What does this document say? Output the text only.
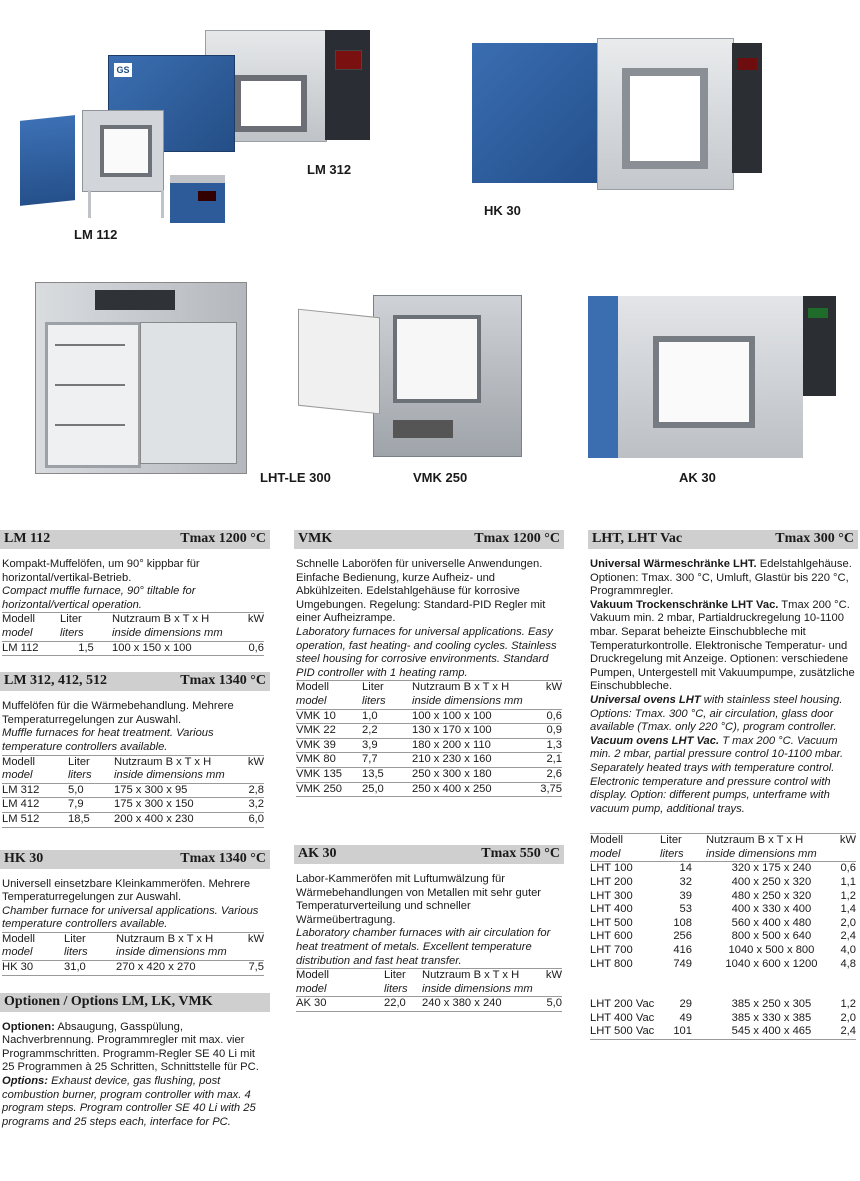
GS
LM 312
HK 30
LM 112
LHT-LE 300	VMK 250	AK 30
LM 112	Tmax 1200 °C

Kompakt-Muffelöfen, um 90° kippbar für horizontal/vertikal-Betrieb.

Compact muffle furnace, 90° tiltable for horizontal/vertical operation.

Modell	Liter	Nutzraum B x T x H	kW
model	liters	inside dimensions mm	
LM 112	1,5	100 x 150 x 100	0,6
LM 312, 412, 512	Tmax 1340 °C

Muffelöfen für die Wärmebehandlung. Mehrere Temperaturregelungen zur Auswahl.

Muffle furnaces for heat treatment. Various temperature controllers available.

Modell	Liter	Nutzraum B x T x H	kW
model	liters	inside dimensions mm	
LM 312	5,0	175 x 300 x 95	2,8
LM 412	7,9	175 x 300 x 150	3,2
LM 512	18,5	200 x 400 x 230	6,0
HK 30	Tmax 1340 °C

Universell einsetzbare Kleinkammeröfen. Mehrere Temperaturregelungen zur Auswahl.

Chamber furnace for universal applications. Various temperature controllers available.

Modell	Liter	Nutzraum B x T x H	kW
model	liters	inside dimensions mm	
HK 30	31,0	270 x 420 x 270	7,5
Optionen / Options LM, LK, VMK

Optionen: Absaugung, Gasspülung, Nachverbrennung. Programmregler mit max. vier Programmschritten. Programm-Regler SE 40 Li mit 25 Programmen à 25 Schritten, Schnittstelle für PC.

Options: Exhaust device, gas flushing, post combustion burner, program controller with max. 4 program steps. Program controller SE 40 Li with 25 programs and 25 steps each, interface for PC.

VMK	Tmax 1200 °C

Schnelle Laboröfen für universelle Anwendungen. Einfache Bedienung, kurze Aufheiz- und Abkühlzeiten. Edelstahlgehäuse für korrosive Umgebungen. Regelung: Standard-PID Regler mit einer Aufheizrampe.

Laboratory furnaces for universal applications. Easy operation, fast heating- and cooling cycles. Stainless steel housing for corrosive environments. Standard PID controller with 1 heating ramp.

Modell	Liter	Nutzraum B x T x H	kW
model	liters	inside dimensions mm	
VMK 10	1,0	100 x 100 x 100	0,6
VMK 22	2,2	130 x 170 x 100	0,9
VMK 39	3,9	180 x 200 x 110	1,3
VMK 80	7,7	210 x 230 x 160	2,1
VMK 135	13,5	250 x 300 x 180	2,6
VMK 250	25,0	250 x 400 x 250	3,75
AK 30	Tmax 550 °C

Labor-Kammeröfen mit Luftumwälzung für Wärmebehandlungen von Metallen mit sehr guter Temperaturverteilung und schneller Wärmeübertragung.

Laboratory chamber furnaces with air circulation for heat treatment of metals. Excellent temperature distribution and fast heat transfer.

Modell	Liter	Nutzraum B x T x H	kW
model	liters	inside dimensions mm	
AK 30	22,0	240 x 380 x 240	5,0
LHT, LHT Vac	Tmax 300 °C

Universal Wärmeschränke LHT. Edelstahlgehäuse. Optionen: Tmax. 300 °C, Umluft, Glastür bis 220 °C, Programmregler.

Vakuum Trockenschränke LHT Vac. Tmax 200 °C. Vakuum min. 2 mbar, Partialdruckregelung 10-1100 mbar. Separat beheizte Einschubbleche mit Temperaturkontrolle. Elektronische Temperatur- und Druckregelung mit Anzeige. Optionen: verschiedene Pumpen, Untergestell mit Vakuumpumpe, zusätzliche Einschubbleche.

Universal ovens LHT with stainless steel housing. Options: Tmax. 300 °C, air circulation, glass door available (Tmax. only 220 °C), program controller.

Vacuum ovens LHT Vac. T max 200 °C. Vacuum min. 2 mbar, partial pressure control 10-1100 mbar. Separately heated trays with temperature control. Electronic temperature and pressure control with display. Option: different pumps, unterframe with vacuum pump, additional trays.

Modell	Liter	Nutzraum B x T x H	kW
model	liters	inside dimensions mm	
LHT 100	14	320 x 175 x 240	0,6
LHT 200	32	400 x 250 x 320	1,1
LHT 300	39	480 x 250 x 320	1,2
LHT 400	53	400 x 330 x 400	1,4
LHT 500	108	560 x 400 x 480	2,0
LHT 600	256	800 x 500 x 640	2,4
LHT 700	416	1040 x 500 x 800	4,0
LHT 800	749	1040 x 600 x 1200	4,8

LHT 200 Vac	29	385 x 250 x 305	1,2
LHT 400 Vac	49	385 x 330 x 385	2,0
LHT 500 Vac	101	545 x 400 x 465	2,4
